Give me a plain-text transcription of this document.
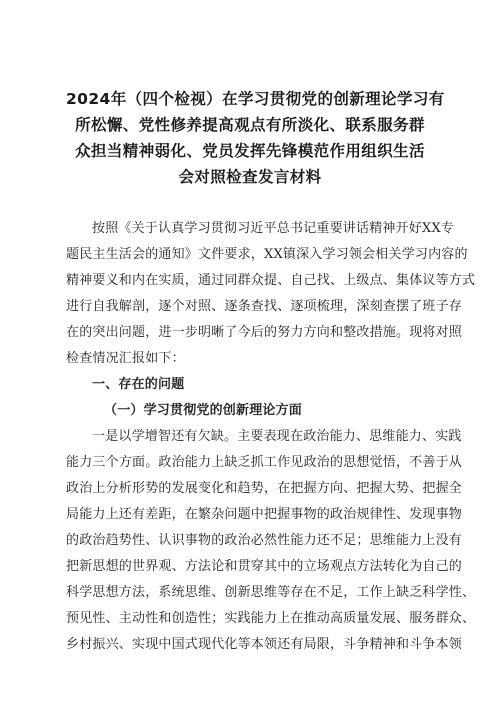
2024年（四个检视）在学习贯彻党的创新理论学习有
所松懈、党性修养提高观点有所淡化、联系服务群
众担当精神弱化、党员发挥先锋模范作用组织生活
会对照检查发言材料

按照《关于认真学习贯彻习近平总书记重要讲话精神开好XX专
题民主生活会的通知》文件要求，XX镇深入学习领会相关学习内容的
精神要义和内在实质，通过同群众提、自己找、上级点、集体议等方式
进行自我解剖，逐个对照、逐条查找、逐项梳理，深刻查摆了班子存
在的突出问题，进一步明晰了今后的努力方向和整改措施。现将对照
检查情况汇报如下：

一、存在的问题
（一）学习贯彻党的创新理论方面

一是以学增智还有欠缺。主要表现在政治能力、思维能力、实践
能力三个方面。政治能力上缺乏抓工作见政治的思想觉悟，不善于从
政治上分析形势的发展变化和趋势，在把握方向、把握大势、把握全
局能力上还有差距，在繁杂问题中把握事物的政治规律性、发现事物
的政治趋势性、认识事物的政治必然性能力还不足；思维能力上没有
把新思想的世界观、方法论和贯穿其中的立场观点方法转化为自己的
科学思想方法，系统思维、创新思维等存在不足，工作上缺乏科学性、
预见性、主动性和创造性；实践能力上在推动高质量发展、服务群众、
乡村振兴、实现中国式现代化等本领还有局限，斗争精神和斗争本领
